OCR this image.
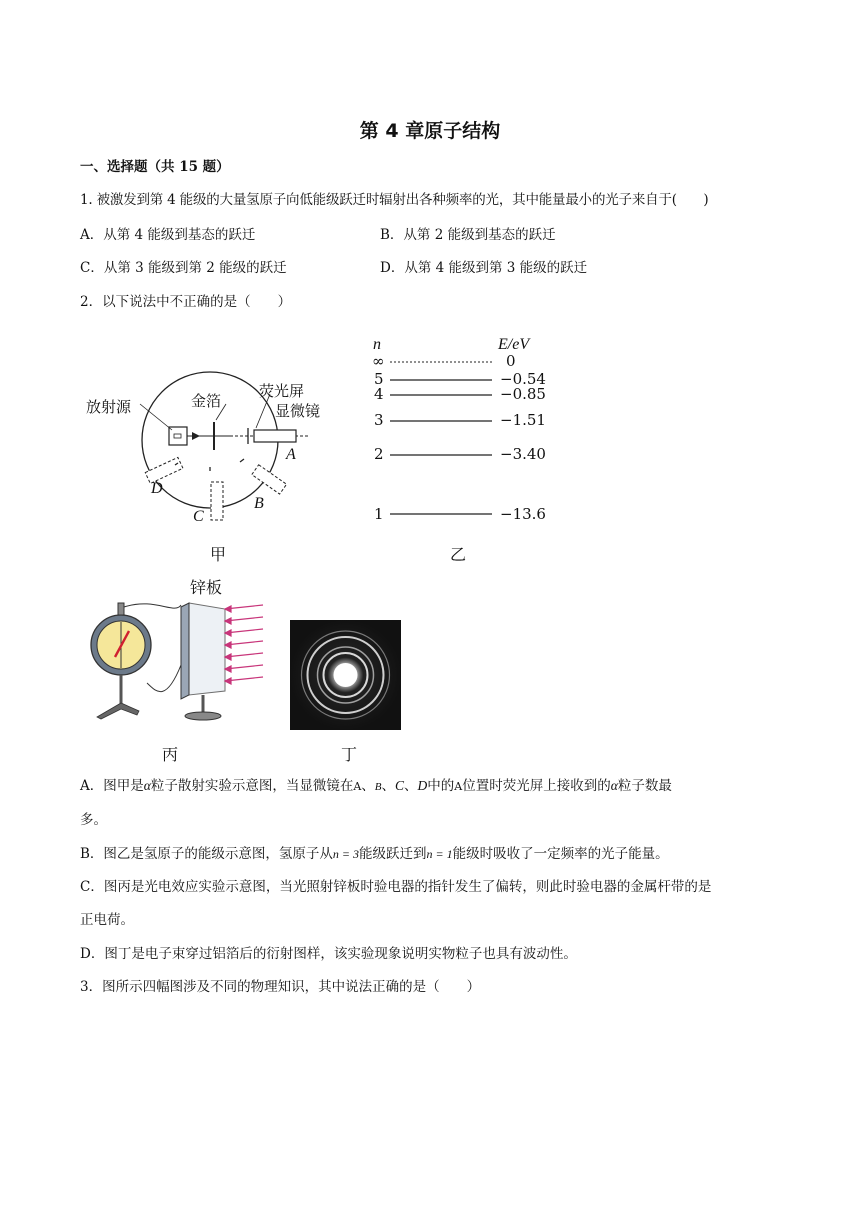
第 4 章原子结构
一、选择题（共 15 题）
1. 被激发到第 4 能级的大量氢原子向低能级跃迁时辐射出各种频率的光，其中能量最小的光子来自于(　　)
A．从第 4 能级到基态的跃迁	B．从第 2 能级到基态的跃迁
C．从第 3 能级到第 2 能级的跃迁	D．从第 4 能级到第 3 能级的跃迁
2．以下说法中不正确的是（　　）
放射源	金箔
荧光屏
显微镜
A
B
C
D
甲
n	E/eV
∞	0
5	−0.54
4	−0.85
3	−1.51
2	−3.40
1	−13.6
乙
锌板
丙	丁
A．图甲是α粒子散射实验示意图，当显微镜在A、B、C、D中的A位置时荧光屏上接收到的α粒子数最
多。
B．图乙是氢原子的能级示意图，氢原子从n = 3能级跃迁到n = 1能级时吸收了一定频率的光子能量。
C．图丙是光电效应实验示意图，当光照射锌板时验电器的指针发生了偏转，则此时验电器的金属杆带的是
正电荷。
D．图丁是电子束穿过铝箔后的衍射图样，该实验现象说明实物粒子也具有波动性。
3．图所示四幅图涉及不同的物理知识，其中说法正确的是（　　）
